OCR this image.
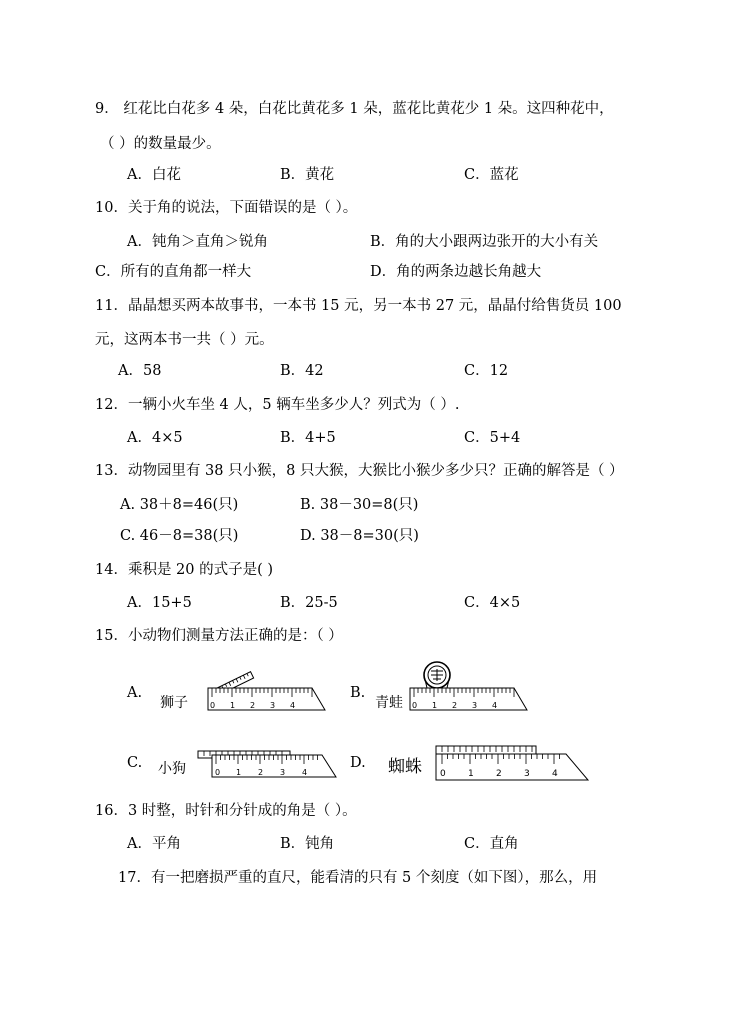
9． 红花比白花多 4 朵，白花比黄花多 1 朵，蓝花比黄花少 1 朵。这四种花中，
（ ）的数量最少。
A．白花	B．黄花	C．蓝花
10．关于角的说法，下面错误的是（ ）。
A．钝角＞直角＞锐角	B．角的大小跟两边张开的大小有关
C．所有的直角都一样大	D．角的两条边越长角越大
11．晶晶想买两本故事书，一本书 15 元，另一本书 27 元，晶晶付给售货员 100
元，这两本书一共（ ）元。
A．58	B．42	C．12
12．一辆小火车坐 4 人，5 辆车坐多少人？列式为（ ）.
A．4×5	B．4+5	C．5+4
13．动物园里有 38 只小猴，8 只大猴，大猴比小猴少多少只？正确的解答是（ ）
A. 38＋8=46(只)	B. 38－30=8(只)
C. 46－8=38(只)	D. 38－8=30(只)
14．乘积是 20 的式子是( )
A．15+5	B．25-5	C．4×5
15．小动物们测量方法正确的是：（ ）
A.
狮子	0 1 2 3 4
B.
青蛙 0 1 2 3 4
C. 小狗	0 1 2 3 4
D. 蜘蛛 0 1 2 3 4
16．3 时整，时针和分针成的角是（ ）。
A．平角	B．钝角	C．直角
17．有一把磨损严重的直尺，能看清的只有 5 个刻度（如下图），那么，用
